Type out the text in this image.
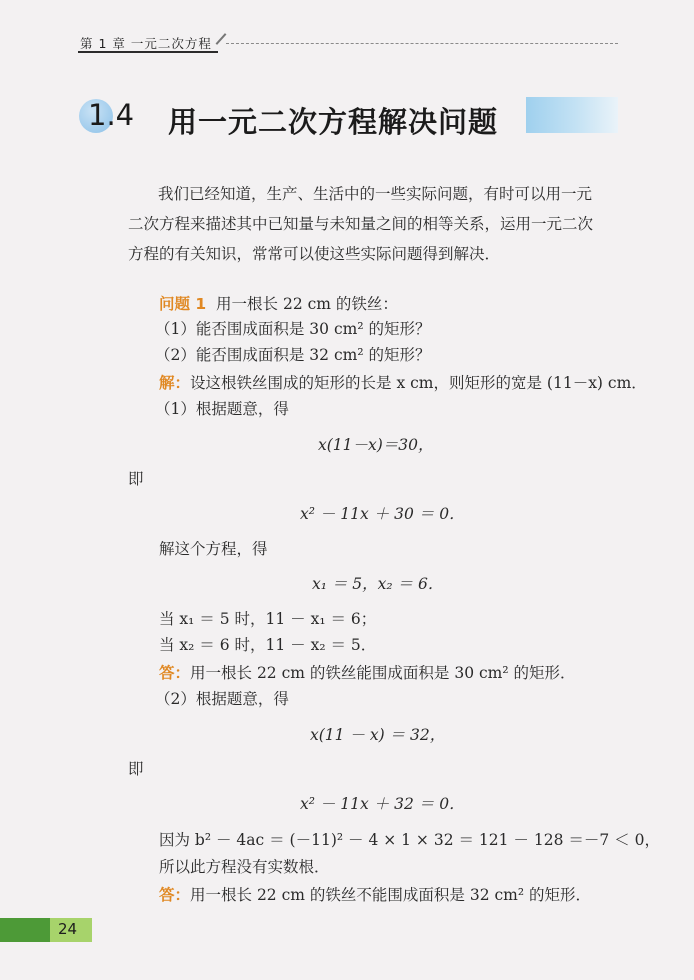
第 1 章 一元二次方程
1.4 用一元二次方程解决问题
我们已经知道，生产、生活中的一些实际问题，有时可以用一元
二次方程来描述其中已知量与未知量之间的相等关系，运用一元二次
方程的有关知识，常常可以使这些实际问题得到解决．
问题 1 用一根长 22 cm 的铁丝：
（1）能否围成面积是 30 cm² 的矩形？
（2）能否围成面积是 32 cm² 的矩形？
解：设这根铁丝围成的矩形的长是 x cm，则矩形的宽是 (11－x) cm．
（1）根据题意，得
x(11－x)＝30，
即
x² － 11x ＋ 30 ＝ 0．
解这个方程，得
x₁ ＝ 5，x₂ ＝ 6．
当 x₁ ＝ 5 时，11 － x₁ ＝ 6；
当 x₂ ＝ 6 时，11 － x₂ ＝ 5．
答：用一根长 22 cm 的铁丝能围成面积是 30 cm² 的矩形．
（2）根据题意，得
x(11 － x) ＝ 32，
即
x² － 11x ＋ 32 ＝ 0．
因为 b² － 4ac ＝ (－11)² － 4 × 1 × 32 ＝ 121 － 128 ＝－7 ＜ 0，
所以此方程没有实数根．
答：用一根长 22 cm 的铁丝不能围成面积是 32 cm² 的矩形．
24
